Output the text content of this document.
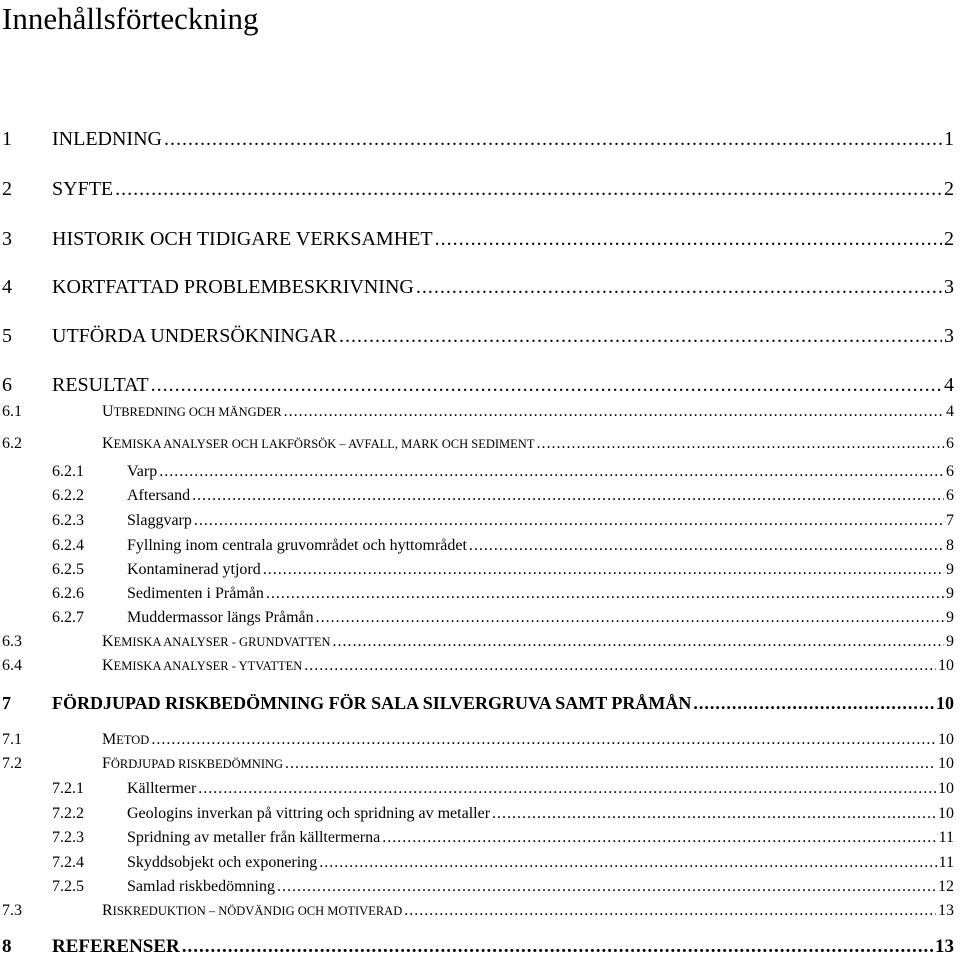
Innehållsförteckning
1	INLEDNING .....	1
2	SYFTE .....	2
3	HISTORIK OCH TIDIGARE VERKSAMHET .....	2
4	KORTFATTAD PROBLEMBESKRIVNING .....	3
5	UTFÖRDA UNDERSÖKNINGAR .....	3
6	RESULTAT .....	4
6.1	UTBREDNING OCH MÄNGDER .....	4
6.2	KEMISKA ANALYSER OCH LAKFÖRSÖK – AVFALL, MARK OCH SEDIMENT .....	6
6.2.1	Varp .....	6
6.2.2	Aftersand .....	6
6.2.3	Slaggvarp .....	7
6.2.4	Fyllning inom centrala gruvområdet och hyttområdet .....	8
6.2.5	Kontaminerad ytjord .....	9
6.2.6	Sedimenten i Pråmån .....	9
6.2.7	Muddermassor längs Pråmån .....	9
6.3	KEMISKA ANALYSER - GRUNDVATTEN .....	9
6.4	KEMISKA ANALYSER - YTVATTEN .....	10
7	FÖRDJUPAD RISKBEDÖMNING FÖR SALA SILVERGRUVA SAMT PRÅMÅN .....	10
7.1	METOD .....	10
7.2	FÖRDJUPAD RISKBEDÖMNING .....	10
7.2.1	Källtermer .....	10
7.2.2	Geologins inverkan på vittring och spridning av metaller .....	10
7.2.3	Spridning av metaller från källtermerna .....	11
7.2.4	Skyddsobjekt och exponering .....	11
7.2.5	Samlad riskbedömning .....	12
7.3	RISKREDUKTION – NÖDVÄNDIG OCH MOTIVERAD .....	13
8	REFERENSER .....	13
